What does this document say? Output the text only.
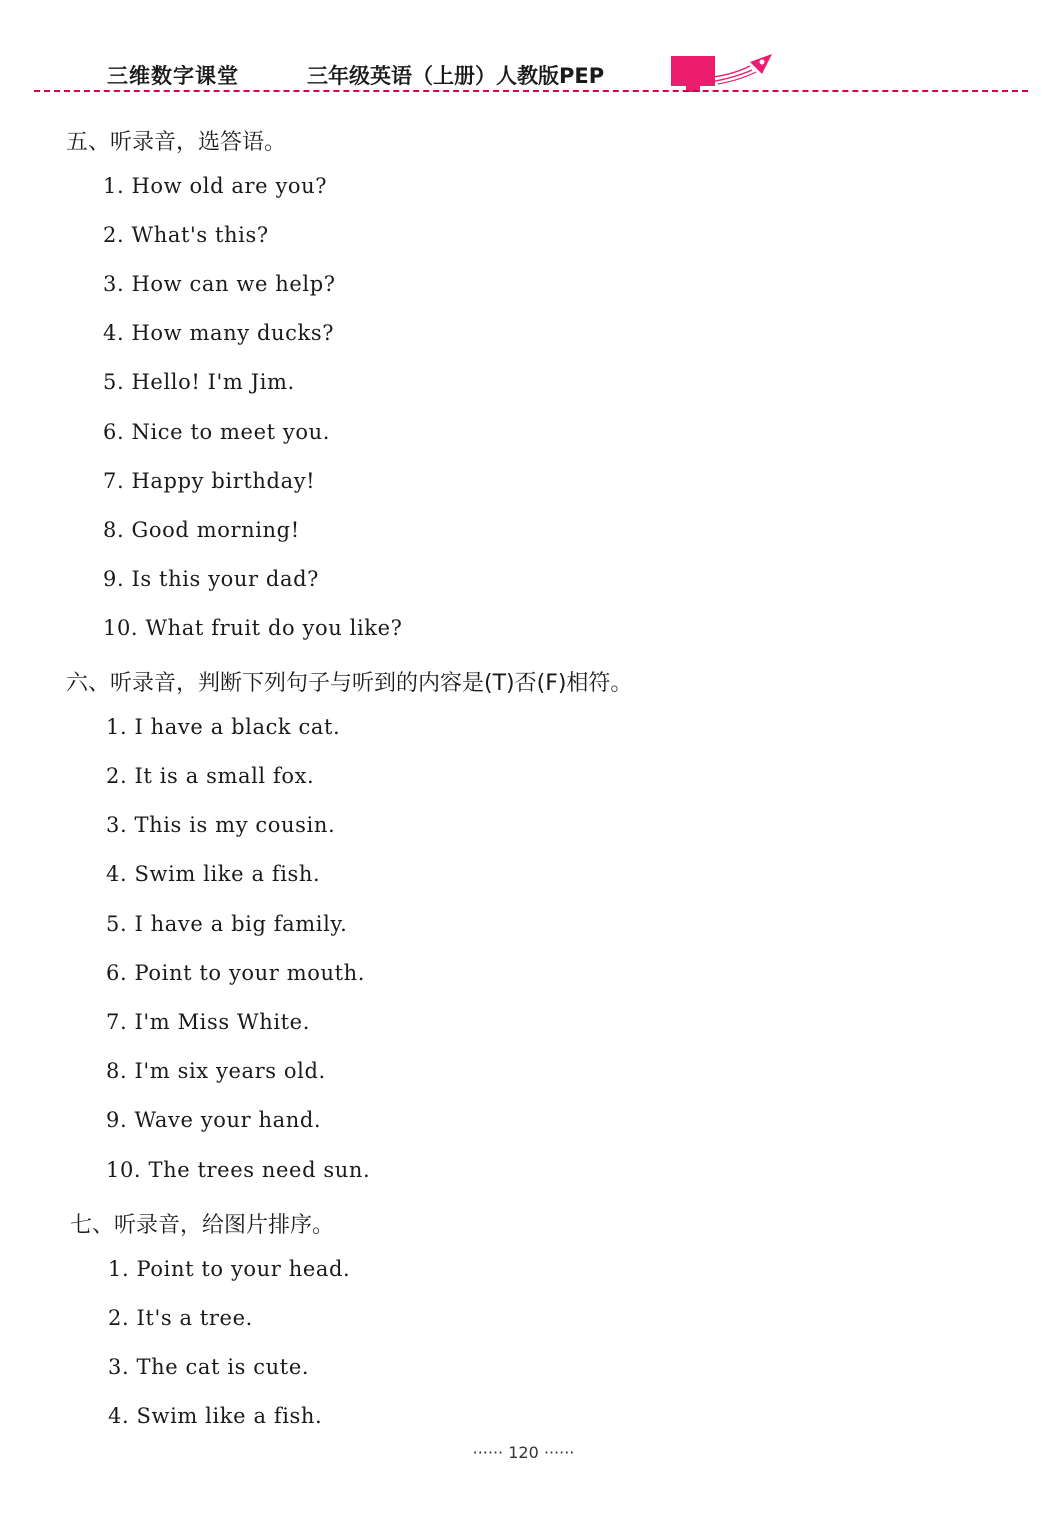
三维数字课堂	三年级英语（上册）人教版PEP
五、听录音，选答语。
1. How old are you?
2. What's this?
3. How can we help?
4. How many ducks?
5. Hello! I'm Jim.
6. Nice to meet you.
7. Happy birthday!
8. Good morning!
9. Is this your dad?
10. What fruit do you like?
六、听录音，判断下列句子与听到的内容是(T)否(F)相符。
1. I have a black cat.
2. It is a small fox.
3. This is my cousin.
4. Swim like a fish.
5. I have a big family.
6. Point to your mouth.
7. I'm Miss White.
8. I'm six years old.
9. Wave your hand.
10. The trees need sun.
七、听录音，给图片排序。
1. Point to your head.
2. It's a tree.
3. The cat is cute.
4. Swim like a fish.
······ 120 ······
